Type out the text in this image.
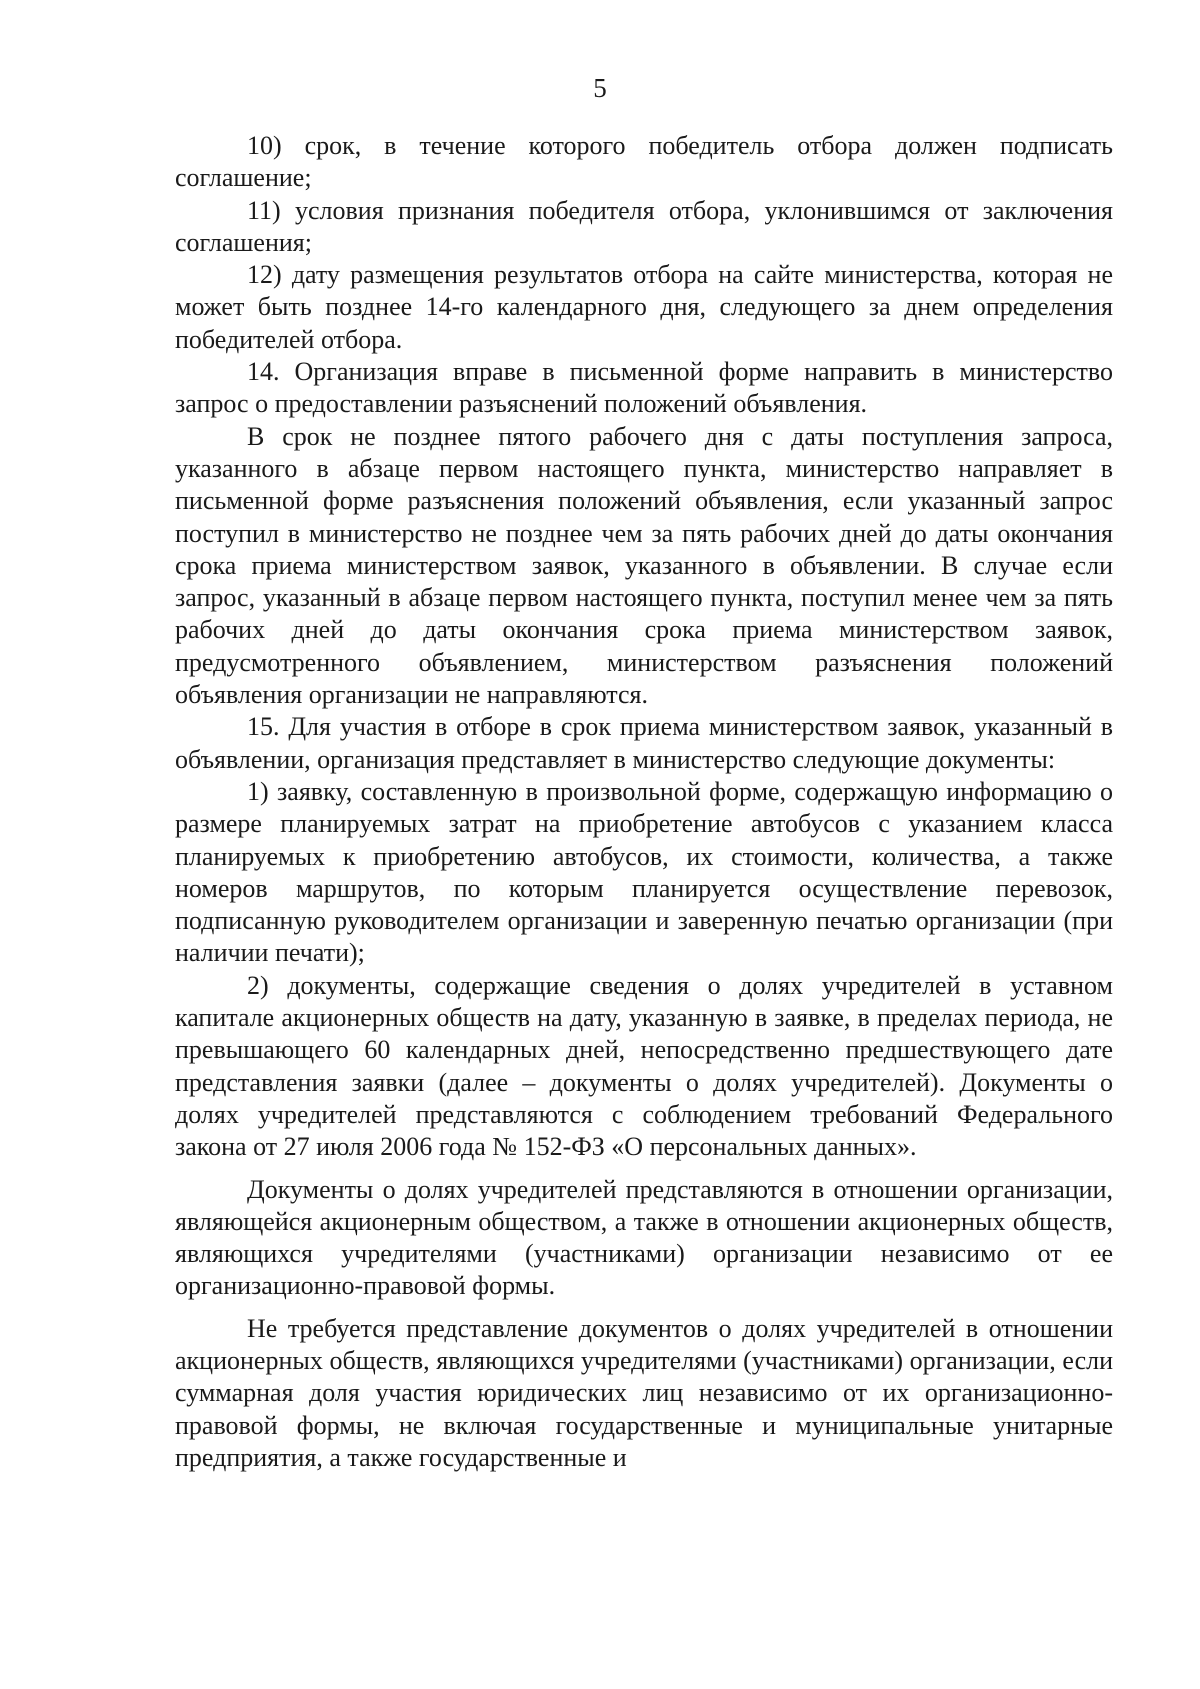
5

10) срок, в течение которого победитель отбора должен подписать соглашение;

11) условия признания победителя отбора, уклонившимся от заключения соглашения;

12) дату размещения результатов отбора на сайте министерства, которая не может быть позднее 14-го календарного дня, следующего за днем определения победителей отбора.

14. Организация вправе в письменной форме направить в министерство запрос о предоставлении разъяснений положений объявления.

В срок не позднее пятого рабочего дня с даты поступления запроса, указанного в абзаце первом настоящего пункта, министерство направляет в письменной форме разъяснения положений объявления, если указанный запрос поступил в министерство не позднее чем за пять рабочих дней до даты окончания срока приема министерством заявок, указанного в объявлении. В случае если запрос, указанный в абзаце первом настоящего пункта, поступил менее чем за пять рабочих дней до даты окончания срока приема министерством заявок, предусмотренного объявлением, министерством разъяснения положений объявления организации не направляются.

15. Для участия в отборе в срок приема министерством заявок, указанный в объявлении, организация представляет в министерство следующие документы:

1) заявку, составленную в произвольной форме, содержащую информацию о размере планируемых затрат на приобретение автобусов с указанием класса планируемых к приобретению автобусов, их стоимости, количества, а также номеров маршрутов, по которым планируется осуществление перевозок, подписанную руководителем организации и заверенную печатью организации (при наличии печати);

2) документы, содержащие сведения о долях учредителей в уставном капитале акционерных обществ на дату, указанную в заявке, в пределах периода, не превышающего 60 календарных дней, непосредственно предшествующего дате представления заявки (далее – документы о долях учредителей). Документы о долях учредителей представляются с соблюдением требований Федерального закона от 27 июля 2006 года № 152-ФЗ «О персональных данных».

Документы о долях учредителей представляются в отношении организации, являющейся акционерным обществом, а также в отношении акционерных обществ, являющихся учредителями (участниками) организации независимо от ее организационно-правовой формы.

Не требуется представление документов о долях учредителей в отношении акционерных обществ, являющихся учредителями (участниками) организации, если суммарная доля участия юридических лиц независимо от их организационно-правовой формы, не включая государственные и муниципальные унитарные предприятия, а также государственные и
